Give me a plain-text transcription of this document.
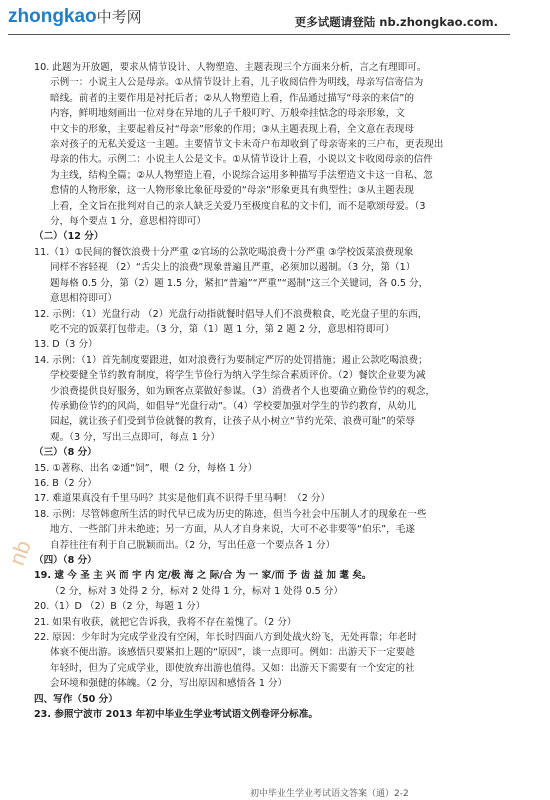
zhongkao中考网	更多试题请登陆 nb.zhongkao.com.
nb
10. 此题为开放题，要求从情节设计、人物塑造、主题表现三个方面来分析，言之有理即可。
示例一：小说主人公是母亲。①从情节设计上看，儿子收阅信件为明线，母亲写信寄信为
暗线。前者的主要作用是衬托后者；②从人物塑造上看，作品通过描写“母亲的来信”的
内容，鲜明地刻画出一位对身在异地的儿子千般叮咛、万般牵挂惦念的母亲形象，文
中文卡的形象，主要起着反衬“母亲”形象的作用；③从主题表现上看，全文意在表现母
亲对孩子的无私关爱这一主题。主要情节文卡未奇户布却收到了母亲寄来的三户布，更表现出
母亲的伟大。示例二：小说主人公是文卡。①从情节设计上看，小说以文卡收阅母亲的信件
为主线，结构全篇；②从人物塑造上看，小说综合运用多种描写手法塑造文卡这一自私、忽
怠情的人物形象，这一人物形象比象征母爱的“母亲”形象更具有典型性；③从主题表现
上看，全文旨在批判对自己的亲人缺乏关爱乃至极度自私的文卡们，而不是歌颂母爱。（3
分，每个要点 1 分，意思相符即可）
（二）（12 分）
11.（1）①民间的餐饮浪费十分严重 ②官场的公款吃喝浪费十分严重 ③学校饭菜浪费现象
同样不容轻视 （2）“舌尖上的浪费”现象普遍且严重，必须加以遏制。（3 分，第（1）
题每格 0.5 分，第（2）题 1.5 分，紧扣“普遍”“严重”“遏制”这三个关键词，各 0.5 分，
意思相符即可）
12. 示例：（1）光盘行动 （2）光盘行动指就餐时倡导人们不浪费粮食，吃光盘子里的东西，
吃不完的饭菜打包带走。（3 分，第（1）题 1 分，第 2 题 2 分，意思相符即可）
13. D（3 分）
14. 示例：（1）首先制度要跟进，如对浪费行为要制定严厉的处罚措施；遏止公款吃喝浪费；
学校要健全节约教育制度，将学生节俭行为纳入学生综合素质评价。（2）餐饮企业要为减
少浪费提供良好服务，如为顾客点菜做好参谋。（3）消费者个人也要确立勤俭节约的观念，
传承勤俭节约的风尚，如倡导“光盘行动”。（4）学校要加强对学生的节约教育，从幼儿
园起，就让孩子们受到节俭就餐的教育，让孩子从小树立“节约光荣、浪费可耻”的荣辱
观。（3 分，写出三点即可，每点 1 分）
（三）（8 分）
15. ①著称、出名 ②通“饲”，喂（2 分，每格 1 分）
16. B（2 分）
17. 难道果真没有千里马吗？其实是他们真不识得千里马啊！（2 分）
18. 示例：尽管韩愈所生活的时代早已成为历史的陈迹，但当今社会中压制人才的现象在一些
地方、一些部门并未绝迹；另一方面，从人才自身来说，大可不必非要等“伯乐”，毛遂
自荐往往有利于自己脱颖而出。（2 分，写出任意一个要点各 1 分）
（四）（8 分）
19. 逮 今 圣 主 兴 而 宇 内 定/极 海 之 际/合 为 一 家/而 予 齿 益 加 耄 矣。
（2 分，标对 3 处得 2 分，标对 2 处得 1 分，标对 1 处得 0.5 分）
20.（1）D （2）B（2 分，每题 1 分）
21. 如果有收获，就把它告诉我，我将不存在羞愧了。（2 分）
22. 原因：少年时为完成学业没有空闲，年长时四面八方到处战火纷飞，无处再靠；年老时
体衰不便出游。该感悟只要紧扣上题的“原因”，谈一点即可。例如：出游天下一定要趁
年轻时，但为了完成学业，即使放弃出游也值得。又如：出游天下需要有一个安定的社
会环境和强健的体魄。（2 分，写出原因和感悟各 1 分）
四、写作（50 分）
23. 参照宁波市 2013 年初中毕业生学业考试语文例卷评分标准。
初中毕业生学业考试语文答案（通）2-2
